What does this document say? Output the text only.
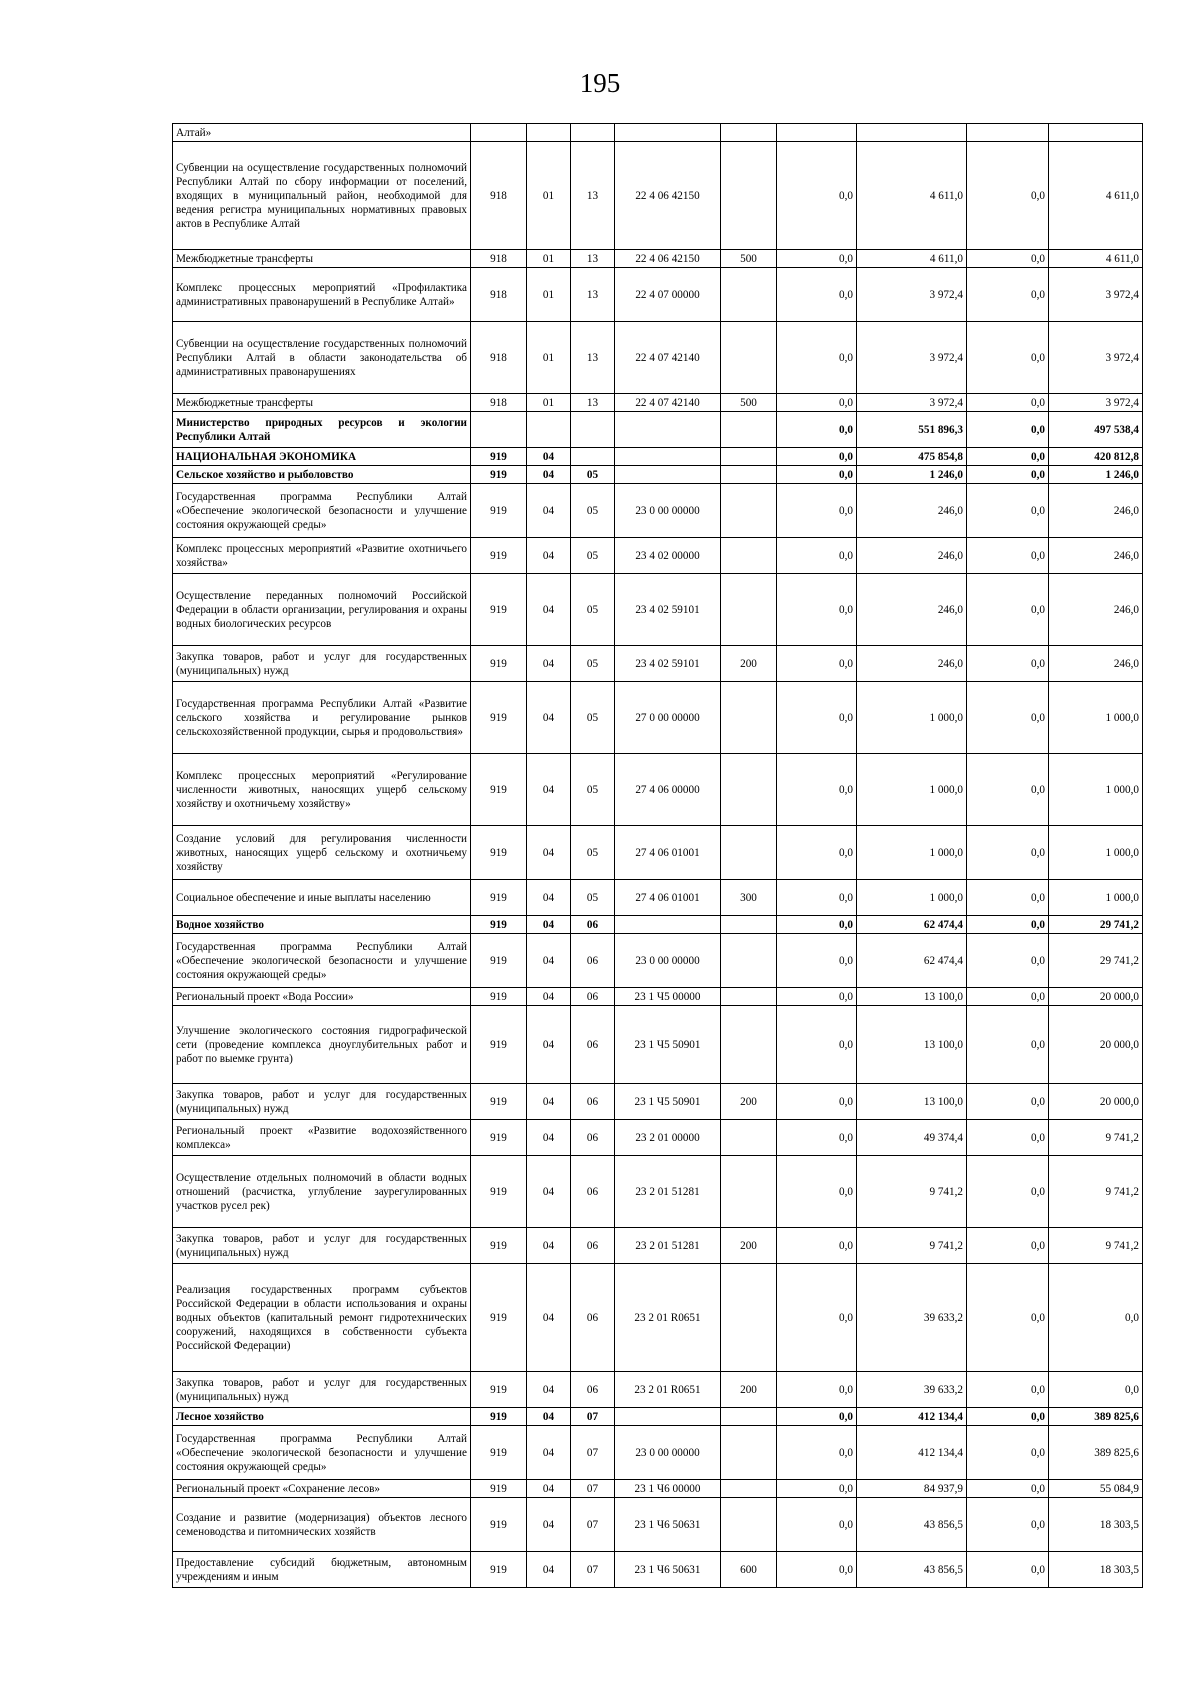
195
Алтай»									
Субвенции на осуществление государственных полномочий Республики Алтай по сбору информации от поселений, входящих в муниципальный район, необходимой для ведения регистра муниципальных нормативных правовых актов в Республике Алтай	918	01	13	22 4 06 42150		0,0	4 611,0	0,0	4 611,0
Межбюджетные трансферты	918	01	13	22 4 06 42150	500	0,0	4 611,0	0,0	4 611,0
Комплекс процессных мероприятий «Профилактика административных правонарушений в Республике Алтай»	918	01	13	22 4 07 00000		0,0	3 972,4	0,0	3 972,4
Субвенции на осуществление государственных полномочий Республики Алтай в области законодательства об административных правонарушениях	918	01	13	22 4 07 42140		0,0	3 972,4	0,0	3 972,4
Межбюджетные трансферты	918	01	13	22 4 07 42140	500	0,0	3 972,4	0,0	3 972,4
Министерство природных ресурсов и экологии Республики Алтай						0,0	551 896,3	0,0	497 538,4
НАЦИОНАЛЬНАЯ ЭКОНОМИКА	919	04				0,0	475 854,8	0,0	420 812,8
Сельское хозяйство и рыболовство	919	04	05			0,0	1 246,0	0,0	1 246,0
Государственная программа Республики Алтай «Обеспечение экологической безопасности и улучшение состояния окружающей среды»	919	04	05	23 0 00 00000		0,0	246,0	0,0	246,0
Комплекс процессных мероприятий «Развитие охотничьего хозяйства»	919	04	05	23 4 02 00000		0,0	246,0	0,0	246,0
Осуществление переданных полномочий Российской Федерации в области организации, регулирования и охраны водных биологических ресурсов	919	04	05	23 4 02 59101		0,0	246,0	0,0	246,0
Закупка товаров, работ и услуг для государственных (муниципальных) нужд	919	04	05	23 4 02 59101	200	0,0	246,0	0,0	246,0
Государственная программа Республики Алтай «Развитие сельского хозяйства и регулирование рынков сельскохозяйственной продукции, сырья и продовольствия»	919	04	05	27 0 00 00000		0,0	1 000,0	0,0	1 000,0
Комплекс процессных мероприятий «Регулирование численности животных, наносящих ущерб сельскому хозяйству и охотничьему хозяйству»	919	04	05	27 4 06 00000		0,0	1 000,0	0,0	1 000,0
Создание условий для регулирования численности животных, наносящих ущерб сельскому и охотничьему хозяйству	919	04	05	27 4 06 01001		0,0	1 000,0	0,0	1 000,0
Социальное обеспечение и иные выплаты населению	919	04	05	27 4 06 01001	300	0,0	1 000,0	0,0	1 000,0
Водное хозяйство	919	04	06			0,0	62 474,4	0,0	29 741,2
Государственная программа Республики Алтай «Обеспечение экологической безопасности и улучшение состояния окружающей среды»	919	04	06	23 0 00 00000		0,0	62 474,4	0,0	29 741,2
Региональный проект «Вода России»	919	04	06	23 1 Ч5 00000		0,0	13 100,0	0,0	20 000,0
Улучшение экологического состояния гидрографической сети (проведение комплекса дноуглубительных работ и работ по выемке грунта)	919	04	06	23 1 Ч5 50901		0,0	13 100,0	0,0	20 000,0
Закупка товаров, работ и услуг для государственных (муниципальных) нужд	919	04	06	23 1 Ч5 50901	200	0,0	13 100,0	0,0	20 000,0
Региональный проект «Развитие водохозяйственного комплекса»	919	04	06	23 2 01 00000		0,0	49 374,4	0,0	9 741,2
Осуществление отдельных полномочий в области водных отношений (расчистка, углубление заурегулированных участков русел рек)	919	04	06	23 2 01 51281		0,0	9 741,2	0,0	9 741,2
Закупка товаров, работ и услуг для государственных (муниципальных) нужд	919	04	06	23 2 01 51281	200	0,0	9 741,2	0,0	9 741,2
Реализация государственных программ субъектов Российской Федерации в области использования и охраны водных объектов (капитальный ремонт гидротехнических сооружений, находящихся в собственности субъекта Российской Федерации)	919	04	06	23 2 01 R0651		0,0	39 633,2	0,0	0,0
Закупка товаров, работ и услуг для государственных (муниципальных) нужд	919	04	06	23 2 01 R0651	200	0,0	39 633,2	0,0	0,0
Лесное хозяйство	919	04	07			0,0	412 134,4	0,0	389 825,6
Государственная программа Республики Алтай «Обеспечение экологической безопасности и улучшение состояния окружающей среды»	919	04	07	23 0 00 00000		0,0	412 134,4	0,0	389 825,6
Региональный проект «Сохранение лесов»	919	04	07	23 1 Ч6 00000		0,0	84 937,9	0,0	55 084,9
Создание и развитие (модернизация) объектов лесного семеноводства и питомнических хозяйств	919	04	07	23 1 Ч6 50631		0,0	43 856,5	0,0	18 303,5
Предоставление субсидий бюджетным, автономным учреждениям и иным	919	04	07	23 1 Ч6 50631	600	0,0	43 856,5	0,0	18 303,5
